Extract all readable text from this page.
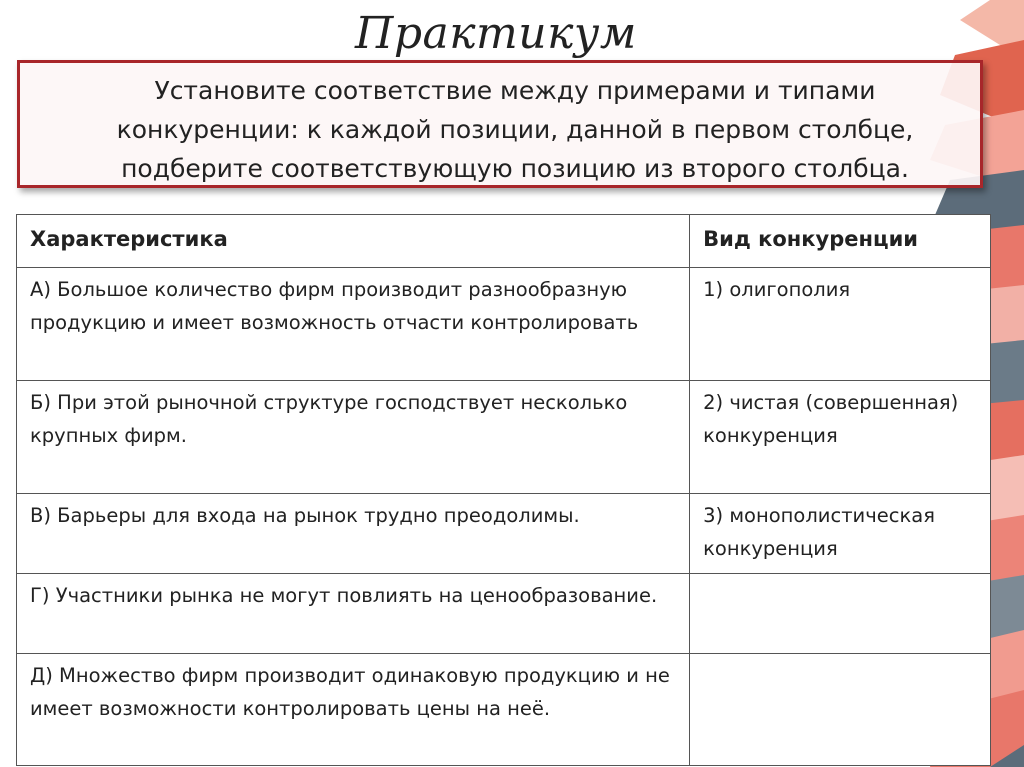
Практикум
Установите соответствие между примерами и типами конкуренции: к каждой позиции, данной в первом столбце, подберите соответствующую позицию из второго столбца.
Характеристика	Вид конкуренции
А) Большое количество фирм производит разнообразную продукцию и имеет возможность отчасти контролировать	1) олигополия
Б) При этой рыночной структуре господствует несколько крупных фирм.	2) чистая (совершенная) конкуренция
В) Барьеры для входа на рынок трудно преодолимы.	3) монополистическая конкуренция
Г) Участники рынка не могут повлиять на ценообразование.	
Д) Множество фирм производит одинаковую продукцию и не имеет возможности контролировать цены на неё.	
